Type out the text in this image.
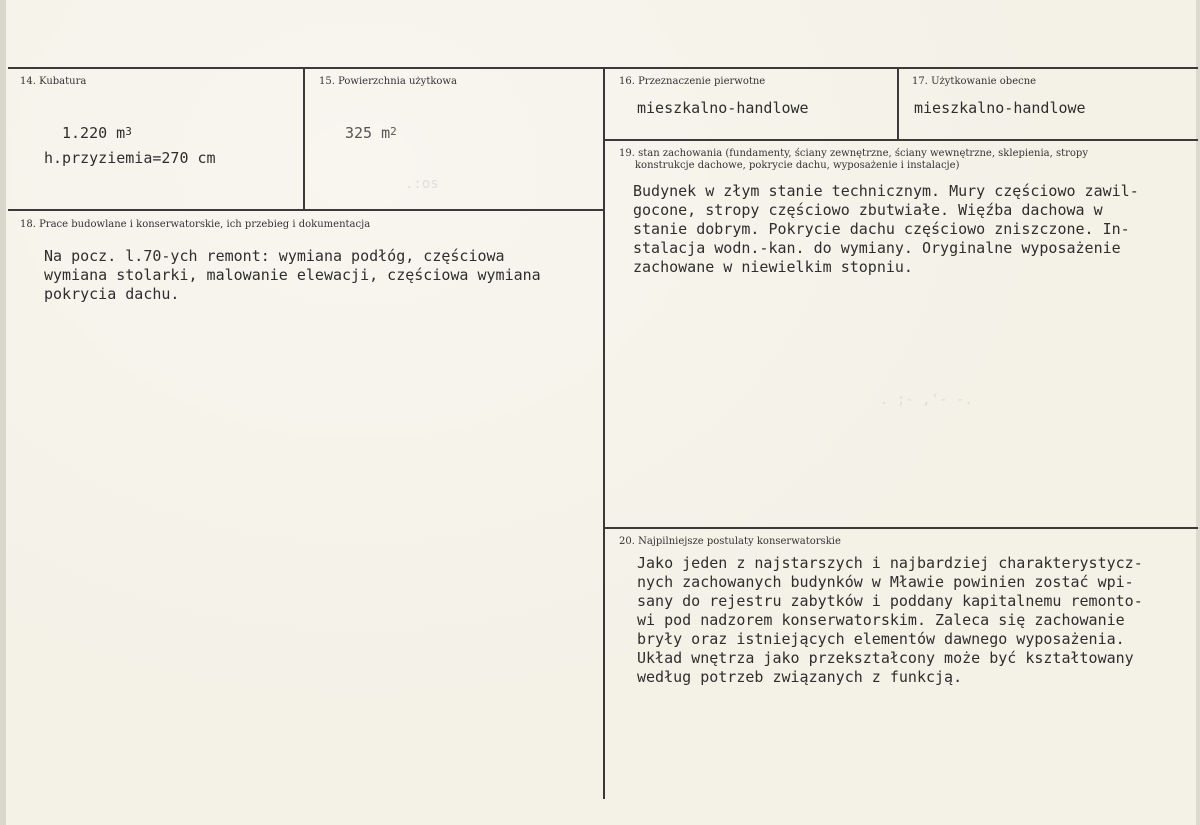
.:os
. ;- ,'- -.
14. Kubatura
1.220 $m^3$
h.przyziemia=270 cm
15. Powierzchnia użytkowa
325 $m^2$
16. Przeznaczenie pierwotne
mieszkalno-handlowe
17. Użytkowanie obecne
mieszkalno-handlowe
19. stan zachowania (fundamenty, ściany zewnętrzne, ściany wewnętrzne, sklepienia, stropy
konstrukcje dachowe, pokrycie dachu, wyposażenie i instalacje)
Budynek w złym stanie technicznym. Mury częściowo zawil-
gocone, stropy częściowo zbutwiałe. Więźba dachowa w
stanie dobrym. Pokrycie dachu częściowo zniszczone. In-
stalacja wodn.-kan. do wymiany. Oryginalne wyposażenie
zachowane w niewielkim stopniu.
18. Prace budowlane i konserwatorskie, ich przebieg i dokumentacja
Na pocz. l.70-ych remont: wymiana podłóg, częściowa
wymiana stolarki, malowanie elewacji, częściowa wymiana
pokrycia dachu.
20. Najpilniejsze postulaty konserwatorskie
Jako jeden z najstarszych i najbardziej charakterystycz-
nych zachowanych budynków w Mławie powinien zostać wpi-
sany do rejestru zabytków i poddany kapitalnemu remonto-
wi pod nadzorem konserwatorskim. Zaleca się zachowanie
bryły oraz istniejących elementów dawnego wyposażenia.
Układ wnętrza jako przekształcony może być kształtowany
według potrzeb związanych z funkcją.
